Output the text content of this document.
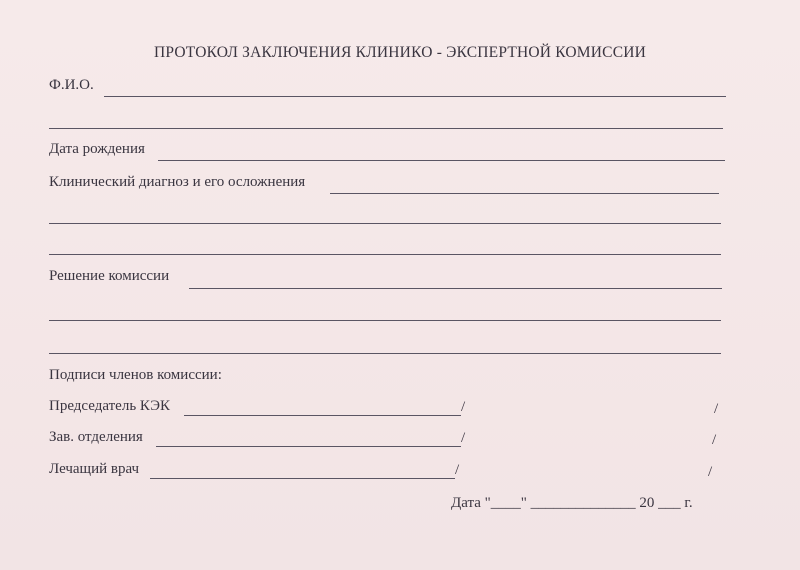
ПРОТОКОЛ ЗАКЛЮЧЕНИЯ КЛИНИКО - ЭКСПЕРТНОЙ КОМИССИИ
Ф.И.О.
Дата рождения
Клинический диагноз и его осложнения
Решение комиссии
Подписи членов комиссии:
Председатель КЭК	/	/
Зав. отделения	/	/
Лечащий врач	/	/
Дата "____" ______________ 20 ___ г.
